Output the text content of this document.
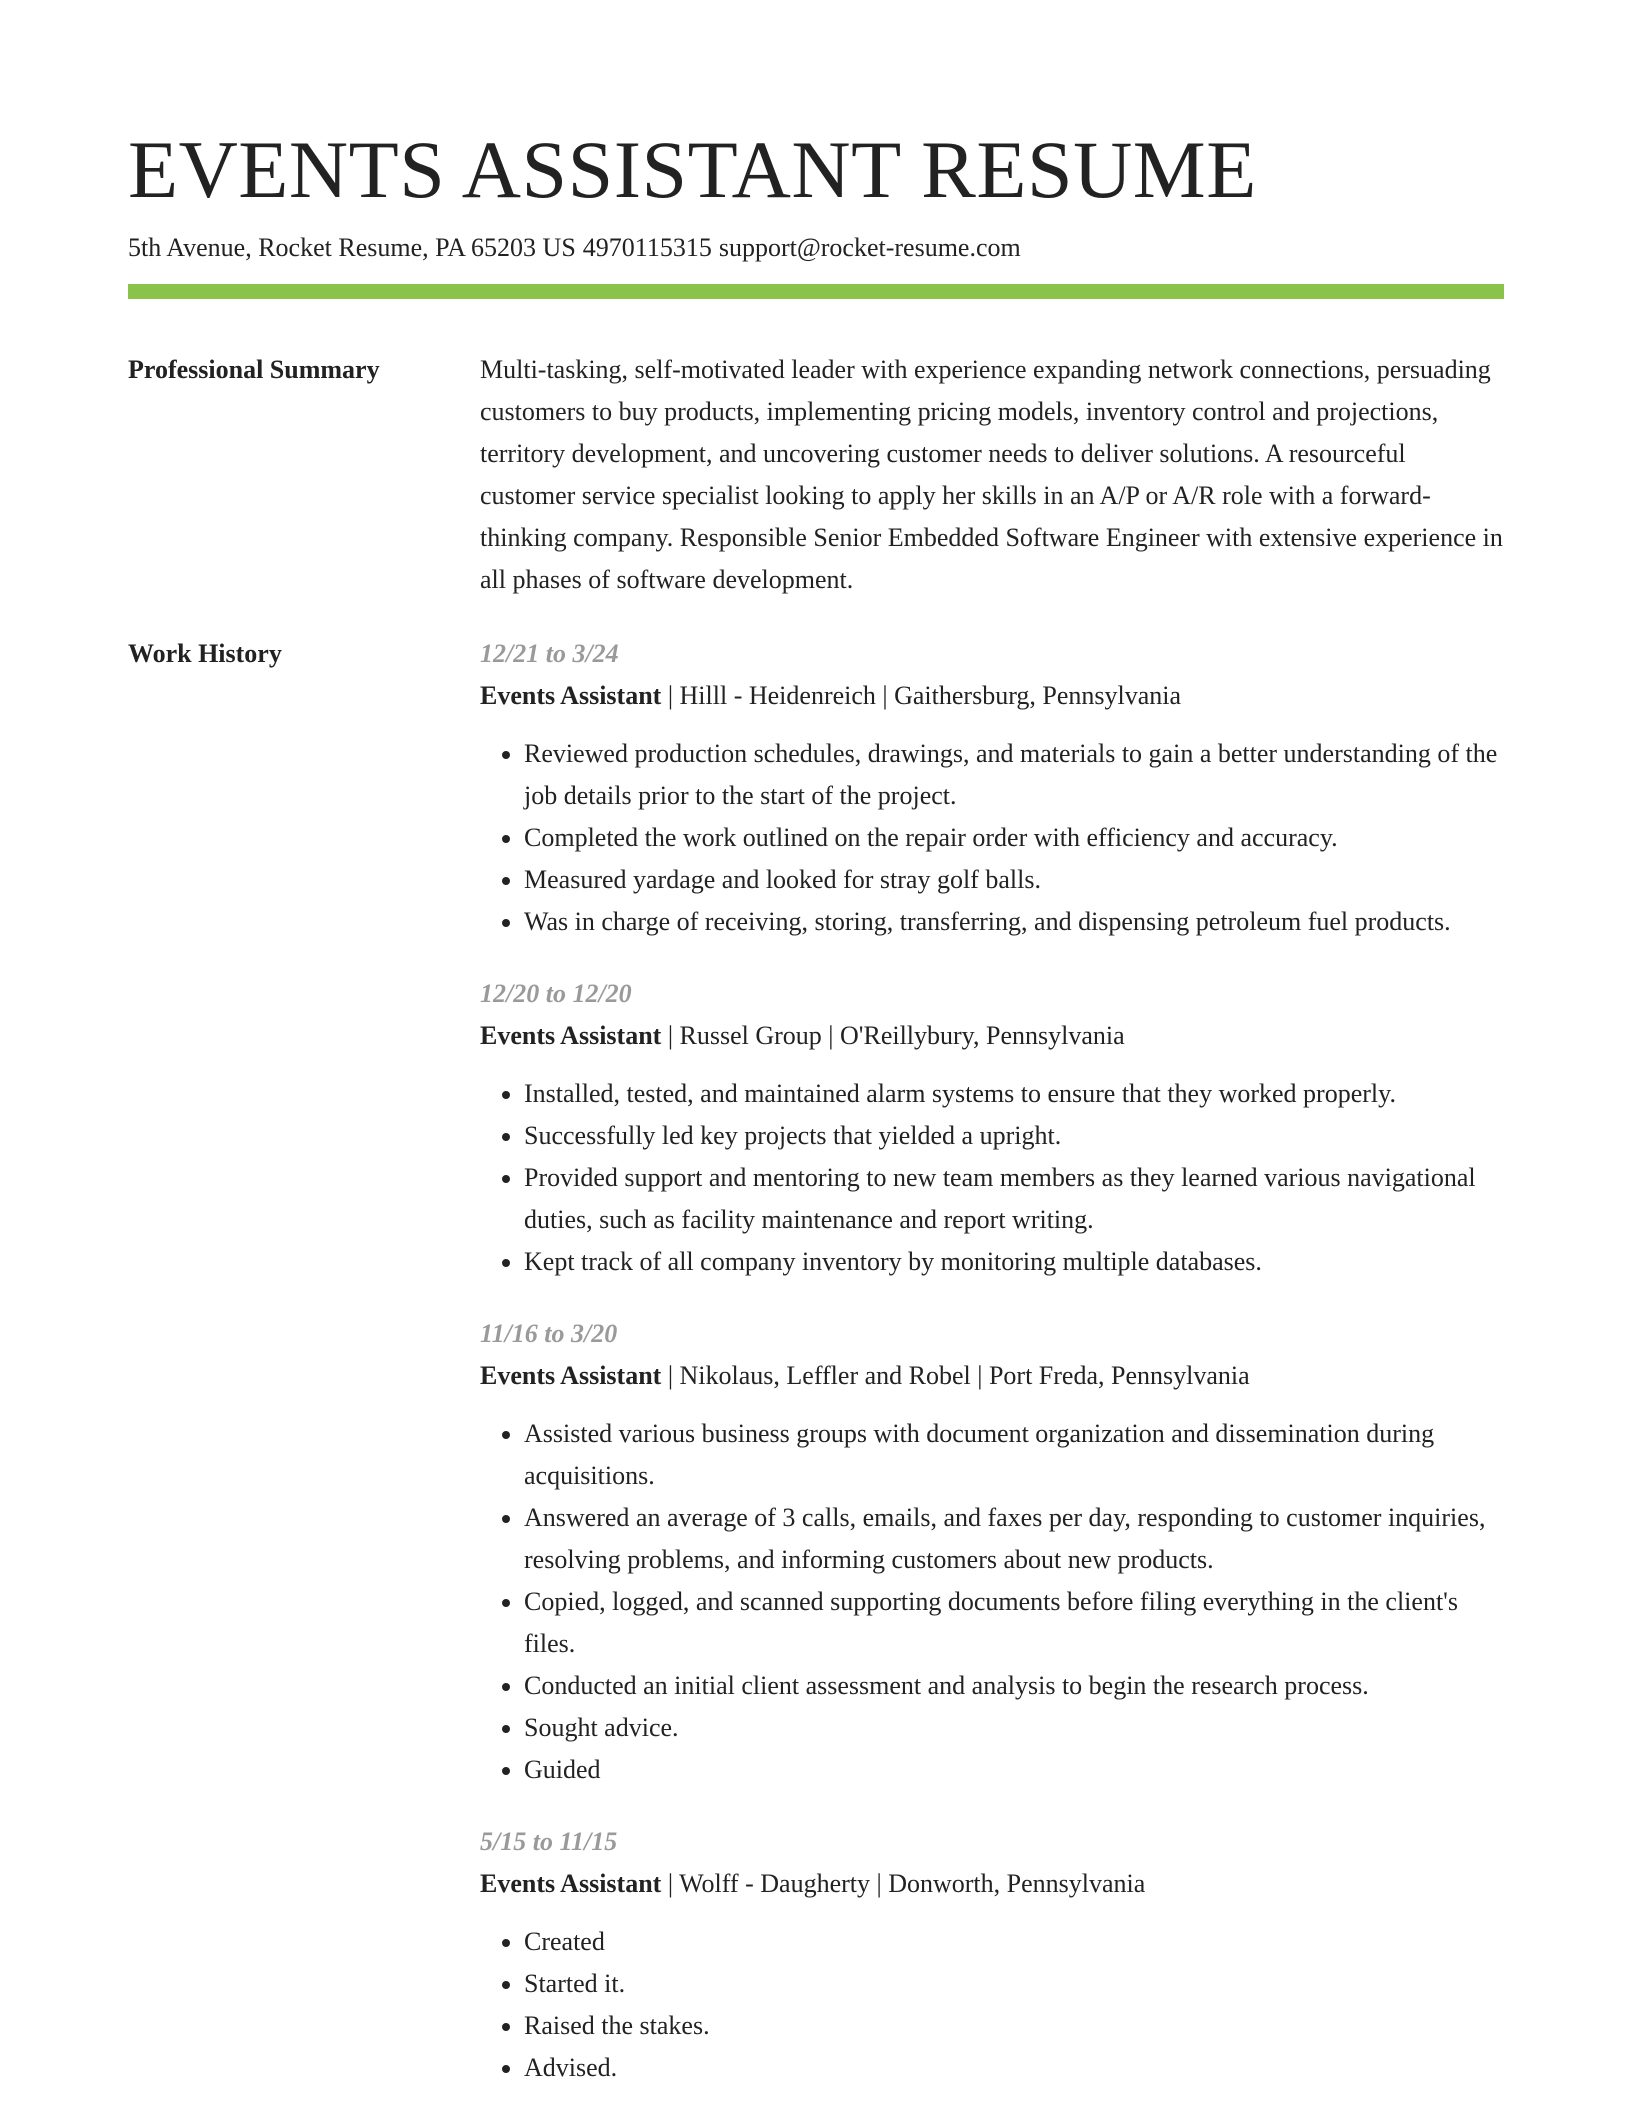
EVENTS ASSISTANT RESUME
5th Avenue, Rocket Resume, PA 65203 US 4970115315 support@rocket-resume.com
Professional Summary	Multi-tasking, self-motivated leader with experience expanding network connections, persuading customers to buy products, implementing pricing models, inventory control and projections, territory development, and uncovering customer needs to deliver solutions. A resourceful customer service specialist looking to apply her skills in an A/P or A/R role with a forward-thinking company. Responsible Senior Embedded Software Engineer with extensive experience in all phases of software development.

Work History	12/21 to 3/24

Events Assistant | Hilll - Heidenreich | Gaithersburg, Pennsylvania

• Reviewed production schedules, drawings, and materials to gain a better understanding of the job details prior to the start of the project.
• Completed the work outlined on the repair order with efficiency and accuracy.
• Measured yardage and looked for stray golf balls.
• Was in charge of receiving, storing, transferring, and dispensing petroleum fuel products.

12/20 to 12/20

Events Assistant | Russel Group | O'Reillybury, Pennsylvania

• Installed, tested, and maintained alarm systems to ensure that they worked properly.
• Successfully led key projects that yielded a upright.
• Provided support and mentoring to new team members as they learned various navigational duties, such as facility maintenance and report writing.
• Kept track of all company inventory by monitoring multiple databases.

11/16 to 3/20

Events Assistant | Nikolaus, Leffler and Robel | Port Freda, Pennsylvania

• Assisted various business groups with document organization and dissemination during acquisitions.
• Answered an average of 3 calls, emails, and faxes per day, responding to customer inquiries, resolving problems, and informing customers about new products.
• Copied, logged, and scanned supporting documents before filing everything in the client's files.
• Conducted an initial client assessment and analysis to begin the research process.
• Sought advice.
• Guided

5/15 to 11/15

Events Assistant | Wolff - Daugherty | Donworth, Pennsylvania

• Created
• Started it.
• Raised the stakes.
• Advised.
